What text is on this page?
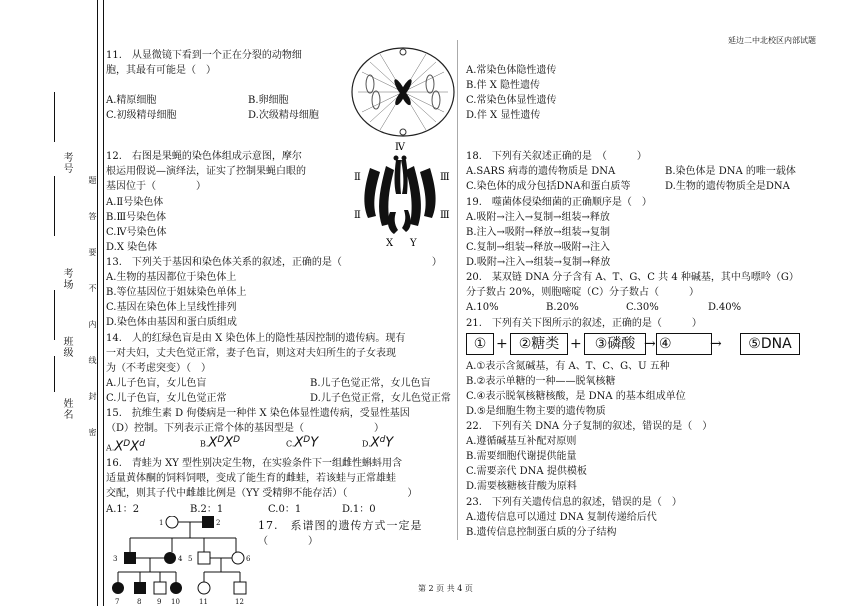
考号
考场
班级
姓名
题
答
要
不
内
线
封
密
延边二中北校区内部试题
第 2 页 共 4 页
11.　从显微镜下看到一个正在分裂的动物细
胞，其最有可能是（　）
A.精原细胞	B.卵细胞
C.初级精母细胞	D.次级精母细胞
12.　右图是果蝇的染色体组成示意图，摩尔
根运用假说—演绎法，证实了控制果蝇白眼的
基因位于（　　　　）
A.Ⅱ号染色体
B.Ⅲ号染色体
C.Ⅳ号染色体
D.X 染色体
Ⅳ
Ⅱ
Ⅱ
Ⅲ
Ⅲ
X Y
13.　下列关于基因和染色体关系的叙述，正确的是（　　　　　　　　　）
A.生物的基因都位于染色体上
B.等位基因位于姐妹染色单体上
C.基因在染色体上呈线性排列
D.染色体由基因和蛋白质组成
14.　人的红绿色盲是由 X 染色体上的隐性基因控制的遗传病。现有
一对夫妇，丈夫色觉正常，妻子色盲，则这对夫妇所生的子女表现
为（不考虑突变）（　）
A.儿子色盲，女儿色盲	B.儿子色觉正常，女儿色盲
C.儿子色盲，女儿色觉正常	D.儿子色觉正常，女儿色觉正常
15.　抗维生素 D 佝偻病是一种伴 X 染色体显性遗传病，受显性基因
（D）控制。下列表示正常个体的基因型是（　　　　　　　）
$A.X^DX^d$	$B.X^DX^D$	$C.X^DY$	$D.X^dY$
16.　青蛙为 XY 型性别决定生物，在实验条件下一组雌性蝌蚪用含
适量黄体酮的饲料饲喂，变成了能生育的雌蛙，若该蛙与正常雄蛙
交配，则其子代中雌雄比例是（YY 受精卵不能存活）（　　　　　　）
A.1：2	B.2：1	C.0：1	D.1：0
17.　系谱图的遗传方式一定是
（　　　　）
1	2
3	4 5	6
7	8 9 10	11	12
A.常染色体隐性遗传
B.伴 X 隐性遗传
C.常染色体显性遗传
D.伴 X 显性遗传
18.　下列有关叙述正确的是　（　　　）
A.SARS 病毒的遗传物质是 DNA	B.染色体是 DNA 的唯一载体
C.染色体的成分包括DNA和蛋白质等	D.生物的遗传物质全是DNA
19.　噬菌体侵染细菌的正确顺序是（　）
A.吸附→注入→复制→组装→释放
B.注入→吸附→释放→组装→复制
C.复制→组装→释放→吸附→注入
D.吸附→注入→组装→复制→释放
20.　某双链 DNA 分子含有 A、T、G、C 共 4 种碱基，其中鸟嘌呤（G）
分子数占 20%，则胞嘧啶（C）分子数占（　　　）
A.10%	B.20%	C.30%	D.40%
21.　下列有关下图所示的叙述，正确的是（　　　）
① + ②糖类 + ③磷酸 → ④	→	⑤DNA
A.①表示含氮碱基，有 A、T、C、G、U 五种
B.②表示单糖的一种——脱氧核糖
C.④表示脱氧核糖核酸，是 DNA 的基本组成单位
D.⑤是细胞生物主要的遗传物质
22.　下列有关 DNA 分子复制的叙述，错误的是（　）
A.遵循碱基互补配对原则
B.需要细胞代谢提供能量
C.需要亲代 DNA 提供模板
D.需要核糖核苷酸为原料
23.　下列有关遗传信息的叙述，错误的是（　）
A.遗传信息可以通过 DNA 复制传递给后代
B.遗传信息控制蛋白质的分子结构
